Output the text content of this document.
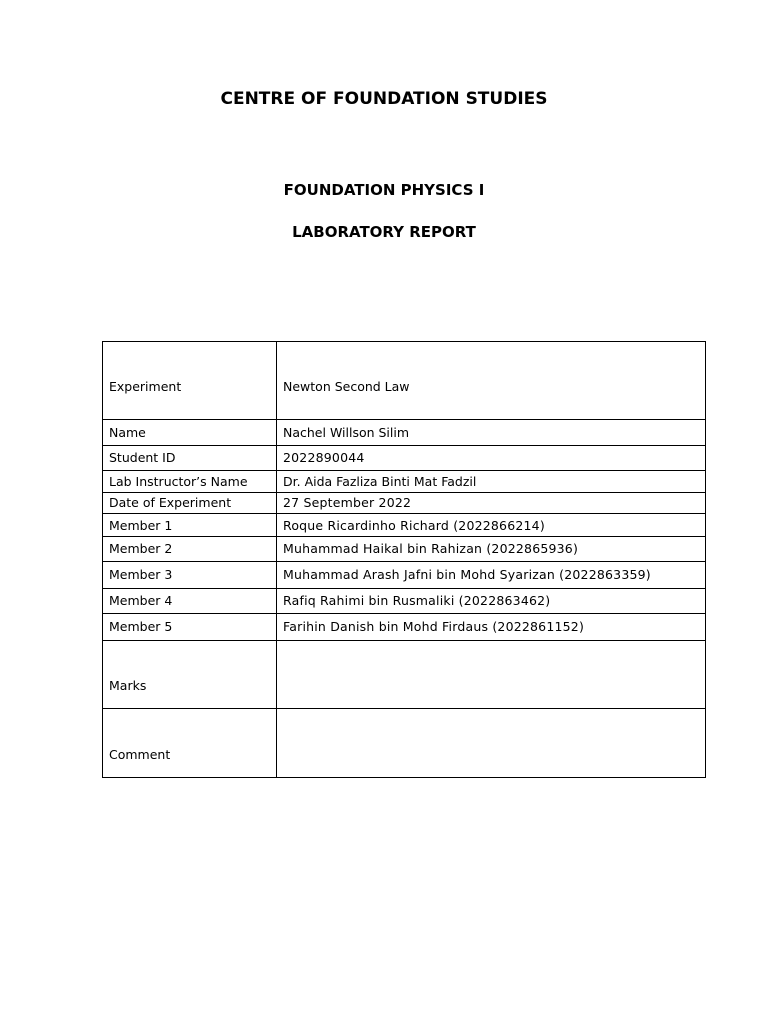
CENTRE OF FOUNDATION STUDIES
FOUNDATION PHYSICS I
LABORATORY REPORT
Experiment	Newton Second Law
Name	Nachel Willson Silim
Student ID	2022890044
Lab Instructor’s Name	Dr. Aida Fazliza Binti Mat Fadzil
Date of Experiment	27 September 2022
Member 1	Roque Ricardinho Richard (2022866214)
Member 2	Muhammad Haikal bin Rahizan (2022865936)
Member 3	Muhammad Arash Jafni bin Mohd Syarizan (2022863359)
Member 4	Rafiq Rahimi bin Rusmaliki (2022863462)
Member 5	Farihin Danish bin Mohd Firdaus (2022861152)
Marks	
Comment	
